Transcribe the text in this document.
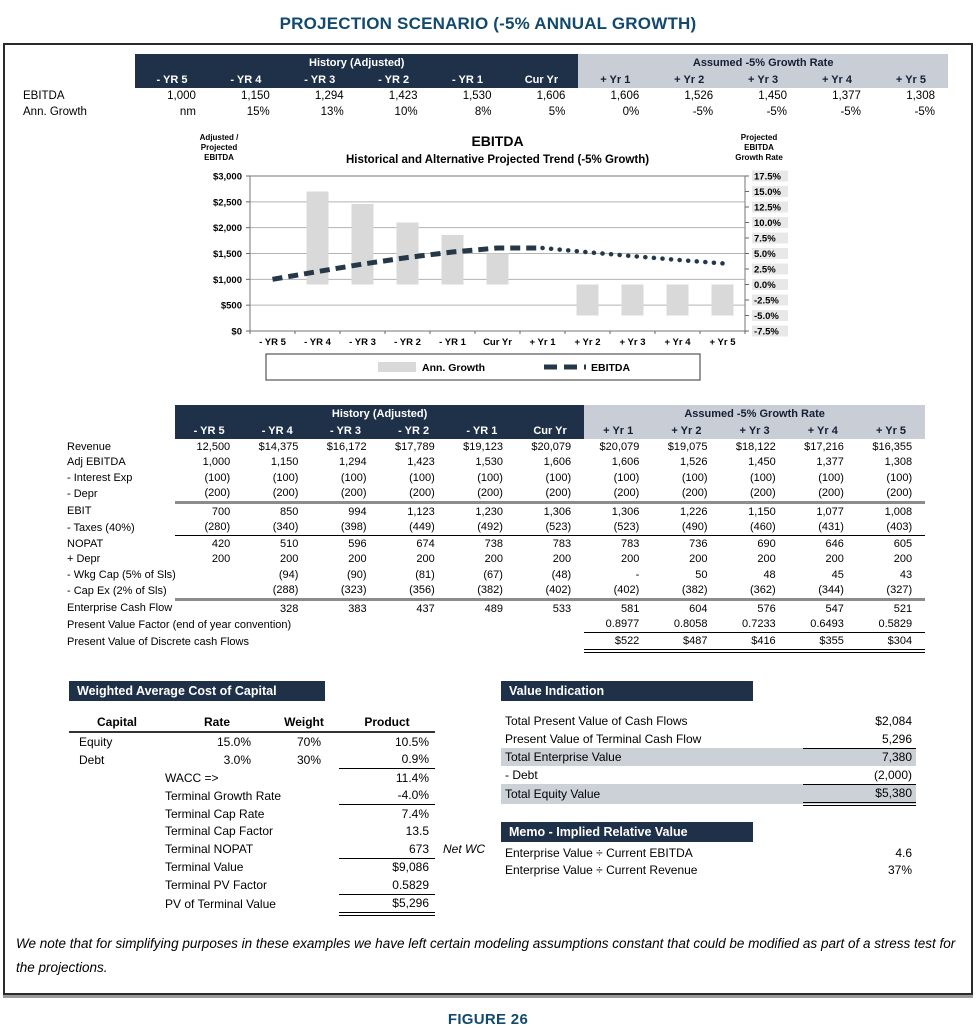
PROJECTION SCENARIO (-5% ANNUAL GROWTH)
	History (Adjusted)						Assumed -5% Growth Rate				
	- YR 5	- YR 4	- YR 3	- YR 2	- YR 1	Cur Yr	+ Yr 1	+ Yr 2	+ Yr 3	+ Yr 4	+ Yr 5
EBITDA	1,000	1,150	1,294	1,423	1,530	1,606	1,606	1,526	1,450	1,377	1,308
Ann. Growth	nm	15%	13%	10%	8%	5%	0%	-5%	-5%	-5%	-5%
$3,000
$2,500
$2,000
$1,500
$1,000
$500
$0
17.5%
15.0%
12.5%
10.0%
7.5%
5.0%
2.5%
0.0%
-2.5%
-5.0%
-7.5%
- YR 5 - YR 4 - YR 3 - YR 2 - YR 1 Cur Yr + Yr 1 + Yr 2 + Yr 3 + Yr 4 + Yr 5
EBITDA
Historical and Alternative Projected Trend (-5% Growth)
Adjusted /
Projected
EBITDA
Projected
EBITDA
Growth Rate
Ann. Growth	EBITDA
	History (Adjusted)						Assumed -5% Growth Rate				
	- YR 5	- YR 4	- YR 3	- YR 2	- YR 1	Cur Yr	+ Yr 1	+ Yr 2	+ Yr 3	+ Yr 4	+ Yr 5
Revenue	12,500	$14,375	$16,172	$17,789	$19,123	$20,079	$20,079	$19,075	$18,122	$17,216	$16,355
Adj EBITDA	1,000	1,150	1,294	1,423	1,530	1,606	1,606	1,526	1,450	1,377	1,308
- Interest Exp	(100)	(100)	(100)	(100)	(100)	(100)	(100)	(100)	(100)	(100)	(100)
- Depr	(200)	(200)	(200)	(200)	(200)	(200)	(200)	(200)	(200)	(200)	(200)
EBIT	700	850	994	1,123	1,230	1,306	1,306	1,226	1,150	1,077	1,008
- Taxes (40%)	(280)	(340)	(398)	(449)	(492)	(523)	(523)	(490)	(460)	(431)	(403)
NOPAT	420	510	596	674	738	783	783	736	690	646	605
+ Depr	200	200	200	200	200	200	200	200	200	200	200
- Wkg Cap (5% of Sls)		(94)	(90)	(81)	(67)	(48)	-	50	48	45	43
- Cap Ex (2% of Sls)		(288)	(323)	(356)	(382)	(402)	(402)	(382)	(362)	(344)	(327)
Enterprise Cash Flow		328	383	437	489	533	581	604	576	547	521
Present Value Factor (end of year convention)							0.8977	0.8058	0.7233	0.6493	0.5829
Present Value of Discrete cash Flows							$522	$487	$416	$355	$304
Weighted Average Cost of Capital
Capital	Rate	Weight	Product	
Equity	15.0%	70%	10.5%	
Debt	3.0%	30%	0.9%	
	WACC =>		11.4%	
	Terminal Growth Rate		-4.0%	
	Terminal Cap Rate		7.4%	
	Terminal Cap Factor		13.5	
	Terminal NOPAT		673	Net WC
	Terminal Value		$9,086	
	Terminal PV Factor		0.5829	
	PV of Terminal Value		$5,296	
Value Indication
Total Present Value of Cash Flows	$2,084
Present Value of Terminal Cash Flow	5,296
Total Enterprise Value	7,380
- Debt	(2,000)
Total Equity Value	$5,380
Memo - Implied Relative Value
Enterprise Value ÷ Current EBITDA	4.6
Enterprise Value ÷ Current Revenue	37%

We note that for simplifying purposes in these examples we have left certain modeling assumptions constant that could be modified as part of a stress test for the projections.

FIGURE 26
